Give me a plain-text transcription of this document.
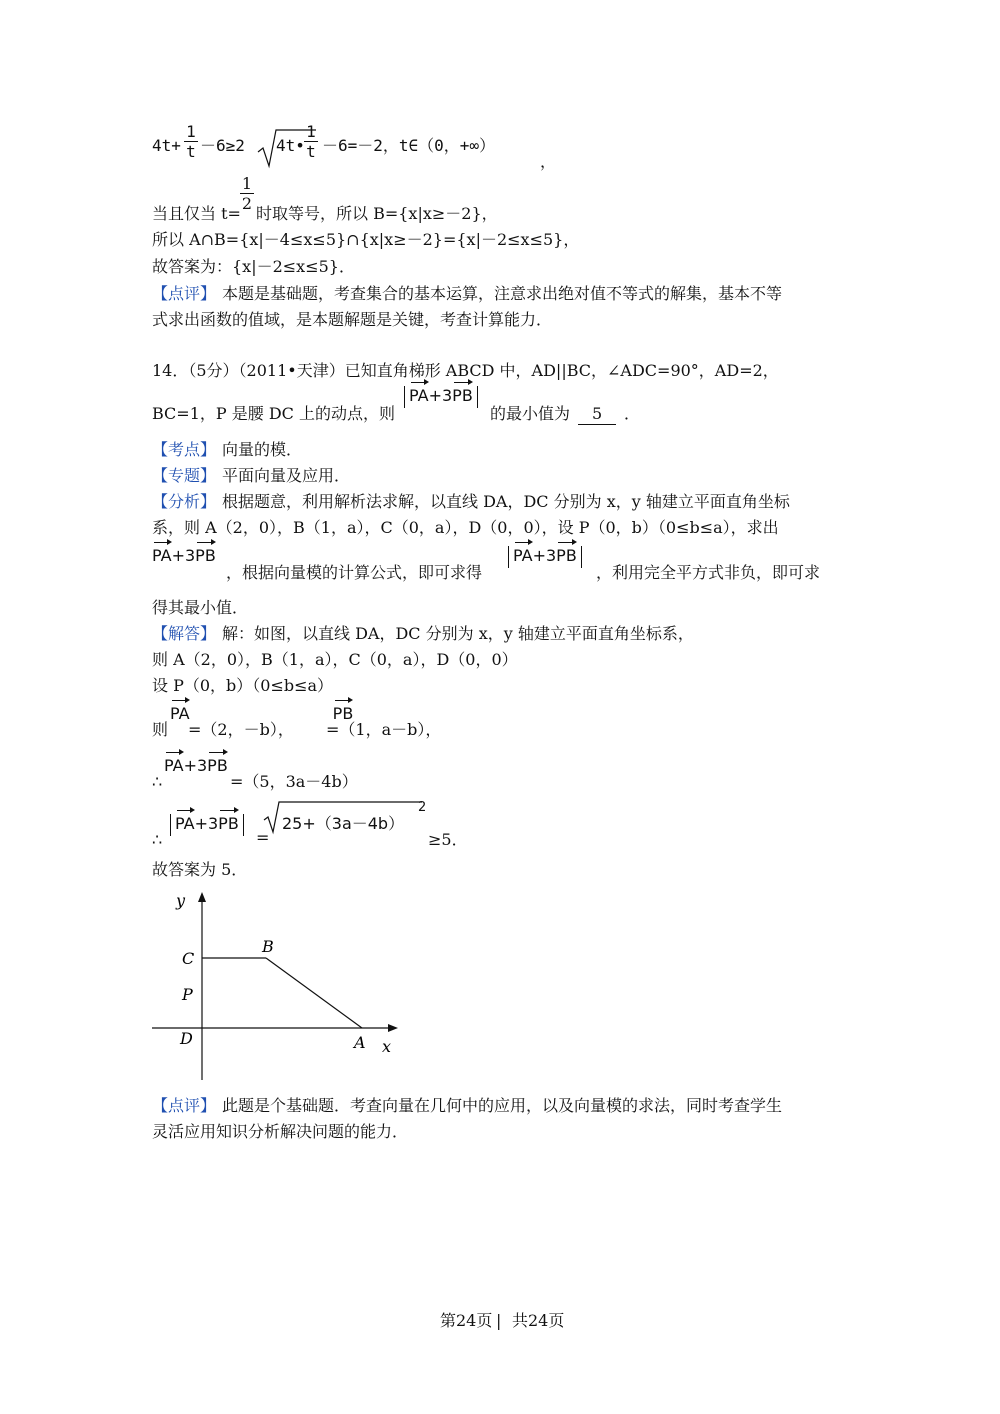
4t+
1
t －6≥2 4t•
1
t －6=－2，t∈（0，+∞）
，
1
2
当且仅当 t= 时取等号，所以 B={x|x≥－2}，
所以 A∩B={x|－4≤x≤5}∩{x|x≥－2}={x|－2≤x≤5}，
故答案为：{x|－2≤x≤5}．
【点评】 本题是基础题，考查集合的基本运算，注意求出绝对值不等式的解集，基本不等
式求出函数的值域，是本题解题是关键，考查计算能力．
14．（5分）（2011•天津）已知直角梯形 ABCD 中，AD||BC，∠ADC=90°，AD=2，
BC=1，P 是腰 DC 上的动点，则
PA+3PB
的最小值为	5	．
【考点】 向量的模．
【专题】 平面向量及应用．
【分析】 根据题意，利用解析法求解，以直线 DA，DC 分别为 x，y 轴建立平面直角坐标
系，则 A（2，0），B（1，a），C（0，a），D（0，0），设 P（0，b）（0≤b≤a），求出
PA+3PB
，根据向量模的计算公式，即可求得
PA+3PB
，利用完全平方式非负，即可求
得其最小值．
【解答】 解：如图，以直线 DA，DC 分别为 x，y 轴建立平面直角坐标系，
则 A（2，0），B（1，a），C（0，a），D（0，0）
设 P（0，b）（0≤b≤a）
则
PA
=（2，－b），
PB
=（1，a－b），
∴
PA+3PB
=（5，3a－4b）
∴
PA+3PB
=
25+（3a－4b）
2
≥5．
故答案为 5．
y
C
B
P
D	A x
【点评】 此题是个基础题．考查向量在几何中的应用，以及向量模的求法，同时考查学生
灵活应用知识分析解决问题的能力．
第24页 | 共24页
